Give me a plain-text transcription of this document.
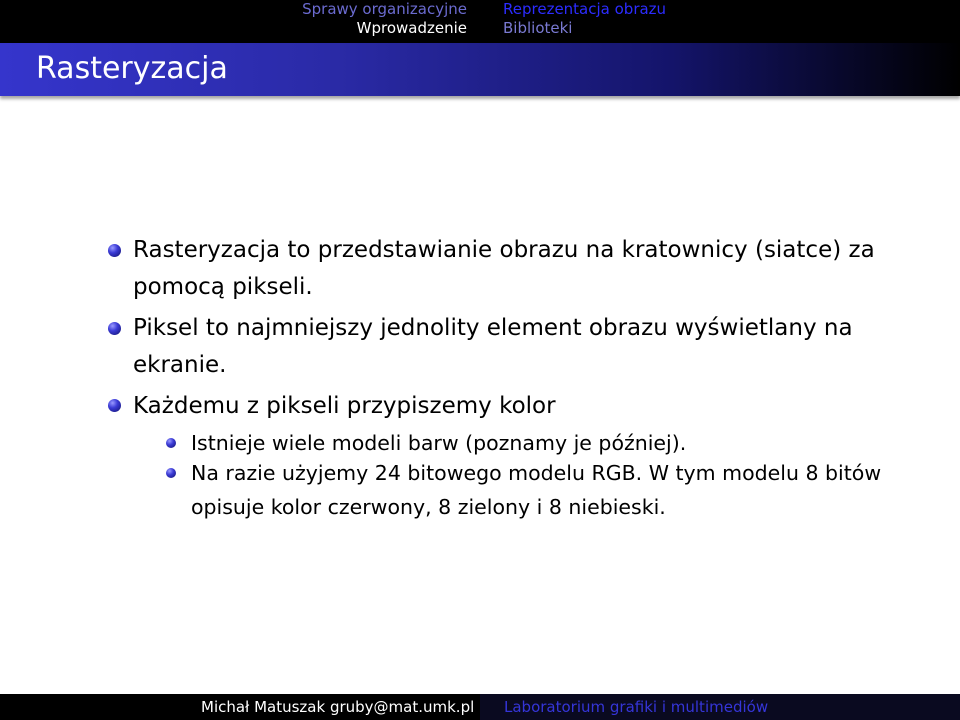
Sprawy organizacyjne
Wprowadzenie
Reprezentacja obrazu
Biblioteki
Rasteryzacja
Rasteryzacja to przedstawianie obrazu na kratownicy (siatce) za pomocą pikseli.
Piksel to najmniejszy jednolity element obrazu wyświetlany na ekranie.
Każdemu z pikseli przypiszemy kolor
Istnieje wiele modeli barw (poznamy je później).
Na razie użyjemy 24 bitowego modelu RGB. W tym modelu 8 bitów opisuje kolor czerwony, 8 zielony i 8 niebieski.
Michał Matuszak gruby@mat.umk.pl Laboratorium grafiki i multimediów
